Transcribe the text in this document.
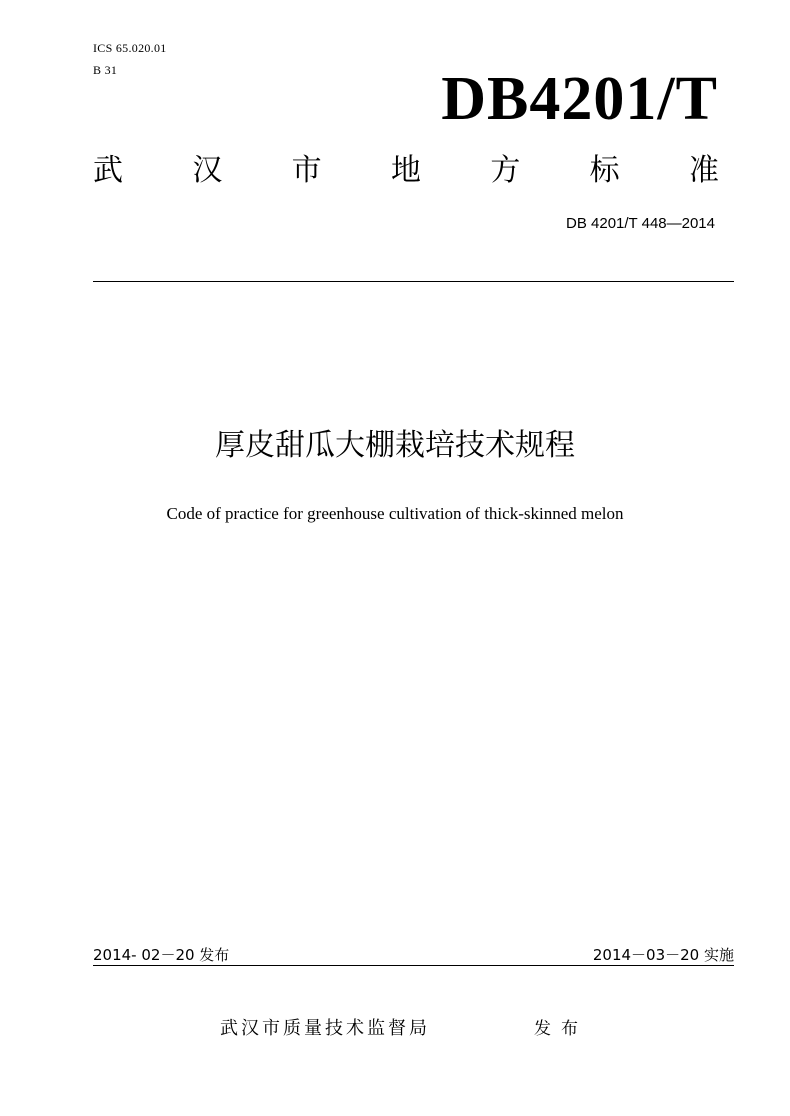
ICS 65.020.01
B 31	DB4201/T
武 汉 市 地 方 标 准
DB 4201/T 448—2014
厚皮甜瓜大棚栽培技术规程
Code of practice for greenhouse cultivation of thick-skinned melon
2014- 02－20 发布	2014－03－20 实施
武汉市质量技术监督局	发布
